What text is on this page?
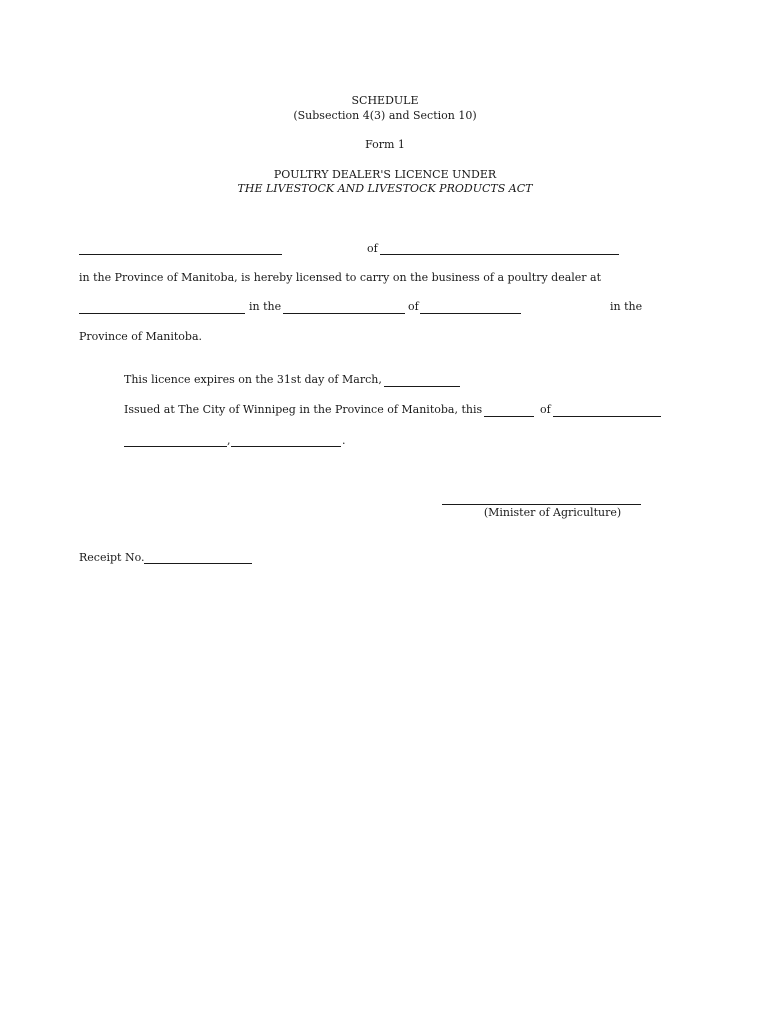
SCHEDULE
(Subsection 4(3) and Section 10)
Form 1
POULTRY DEALER'S LICENCE UNDER
THE LIVESTOCK AND LIVESTOCK PRODUCTS ACT
of
in the Province of Manitoba, is hereby licensed to carry on the business of a poultry dealer at
in the	of	in the
Province of Manitoba.
This licence expires on the 31st day of March,
Issued at The City of Winnipeg in the Province of Manitoba, this	of
,	.
(Minister of Agriculture)
Receipt No.
